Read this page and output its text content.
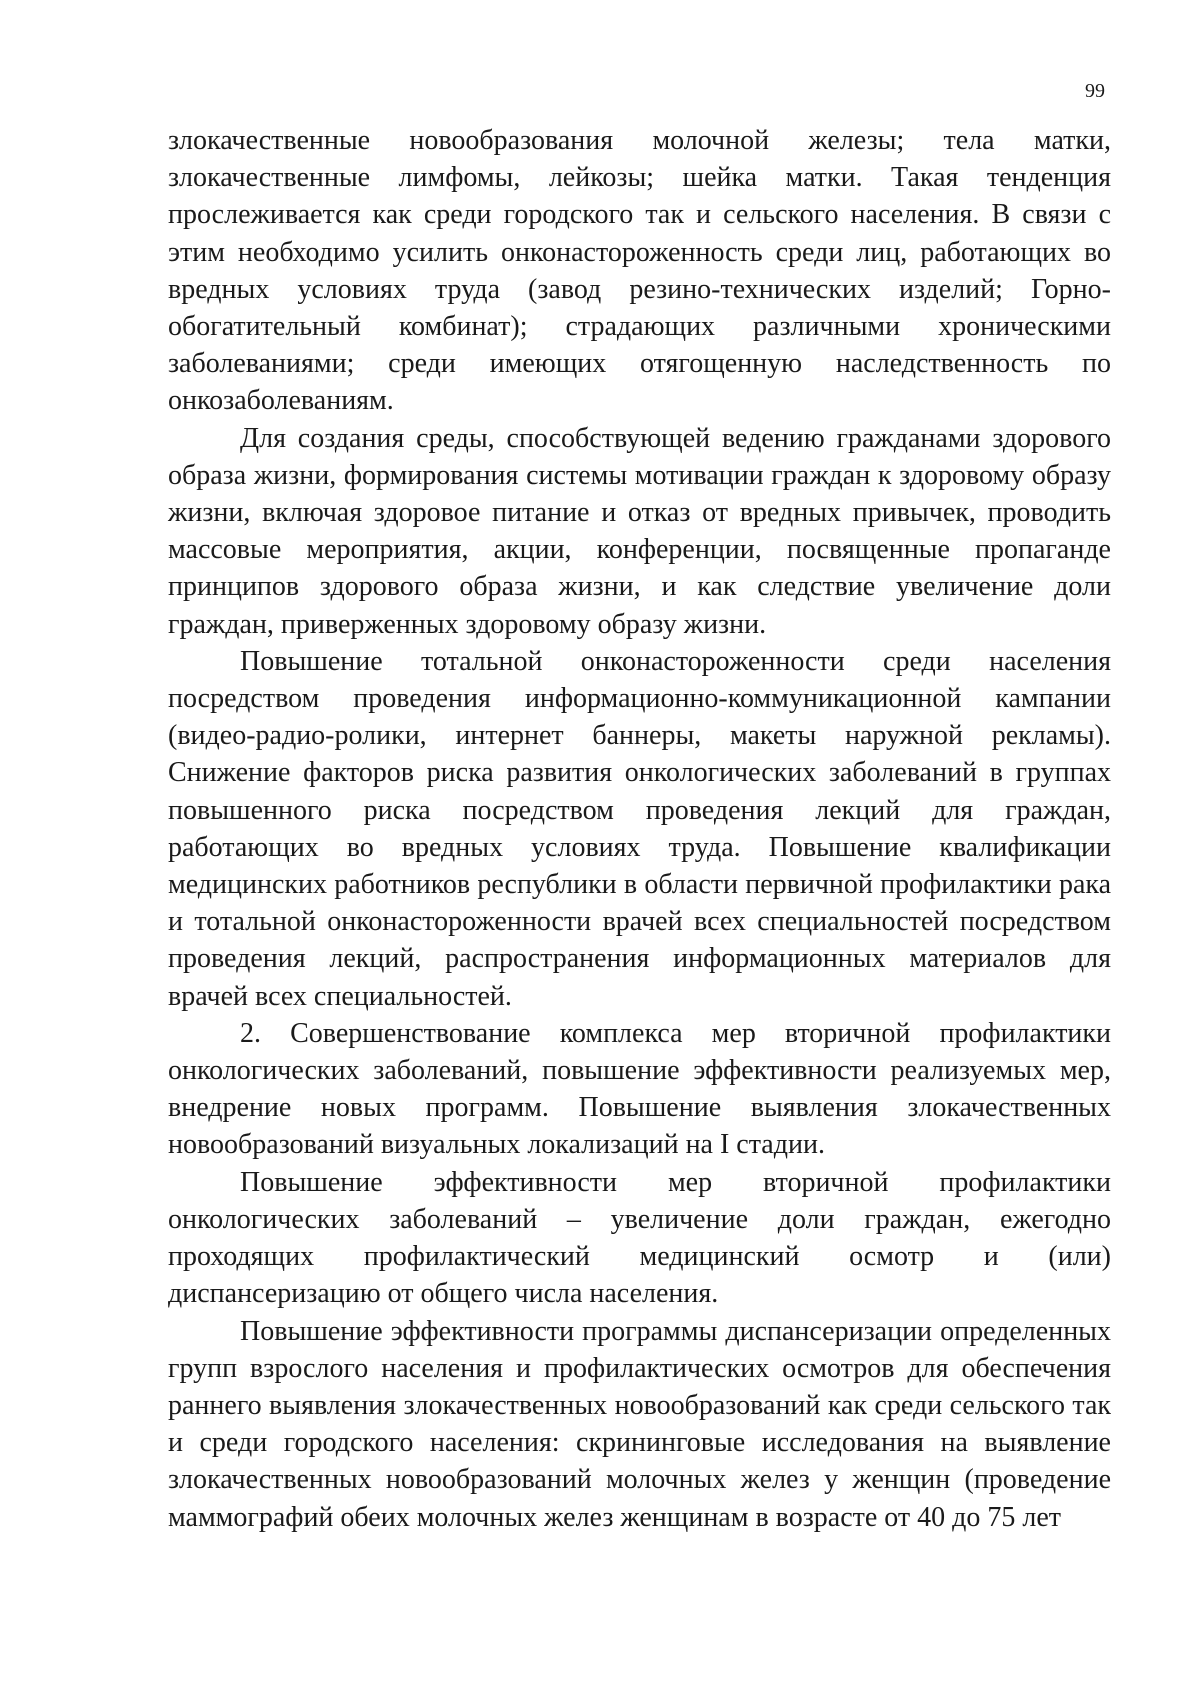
99

злокачественные новообразования молочной железы; тела матки, злокачественные лимфомы, лейкозы; шейка матки. Такая тенденция прослеживается как среди городского так и сельского населения. В связи с этим необходимо усилить онконастороженность среди лиц, работающих во вредных условиях труда (завод резино-технических изделий; Горно-обогатительный комбинат); страдающих различными хроническими заболеваниями; среди имеющих отягощенную наследственность по онкозаболеваниям.

Для создания среды, способствующей ведению гражданами здорового образа жизни, формирования системы мотивации граждан к здоровому образу жизни, включая здоровое питание и отказ от вредных привычек, проводить массовые мероприятия, акции, конференции, посвященные пропаганде принципов здорового образа жизни, и как следствие увеличение доли граждан, приверженных здоровому образу жизни.

Повышение тотальной онконастороженности среди населения посредством проведения информационно-коммуникационной кампании (видео-радио-ролики, интернет баннеры, макеты наружной рекламы). Снижение факторов риска развития онкологических заболеваний в группах повышенного риска посредством проведения лекций для граждан, работающих во вредных условиях труда. Повышение квалификации медицинских работников республики в области первичной профилактики рака и тотальной онконастороженности врачей всех специальностей посредством проведения лекций, распространения информационных материалов для врачей всех специальностей.

2. Совершенствование комплекса мер вторичной профилактики онкологических заболеваний, повышение эффективности реализуемых мер, внедрение новых программ. Повышение выявления злокачественных новообразований визуальных локализаций на I стадии.

Повышение эффективности мер вторичной профилактики онкологических заболеваний – увеличение доли граждан, ежегодно проходящих профилактический медицинский осмотр и (или) диспансеризацию от общего числа населения.

Повышение эффективности программы диспансеризации определенных групп взрослого населения и профилактических осмотров для обеспечения раннего выявления злокачественных новообразований как среди сельского так и среди городского населения: скрининговые исследования на выявление злокачественных новообразований молочных желез у женщин (проведение маммографий обеих молочных желез женщинам в возрасте от 40 до 75 лет
